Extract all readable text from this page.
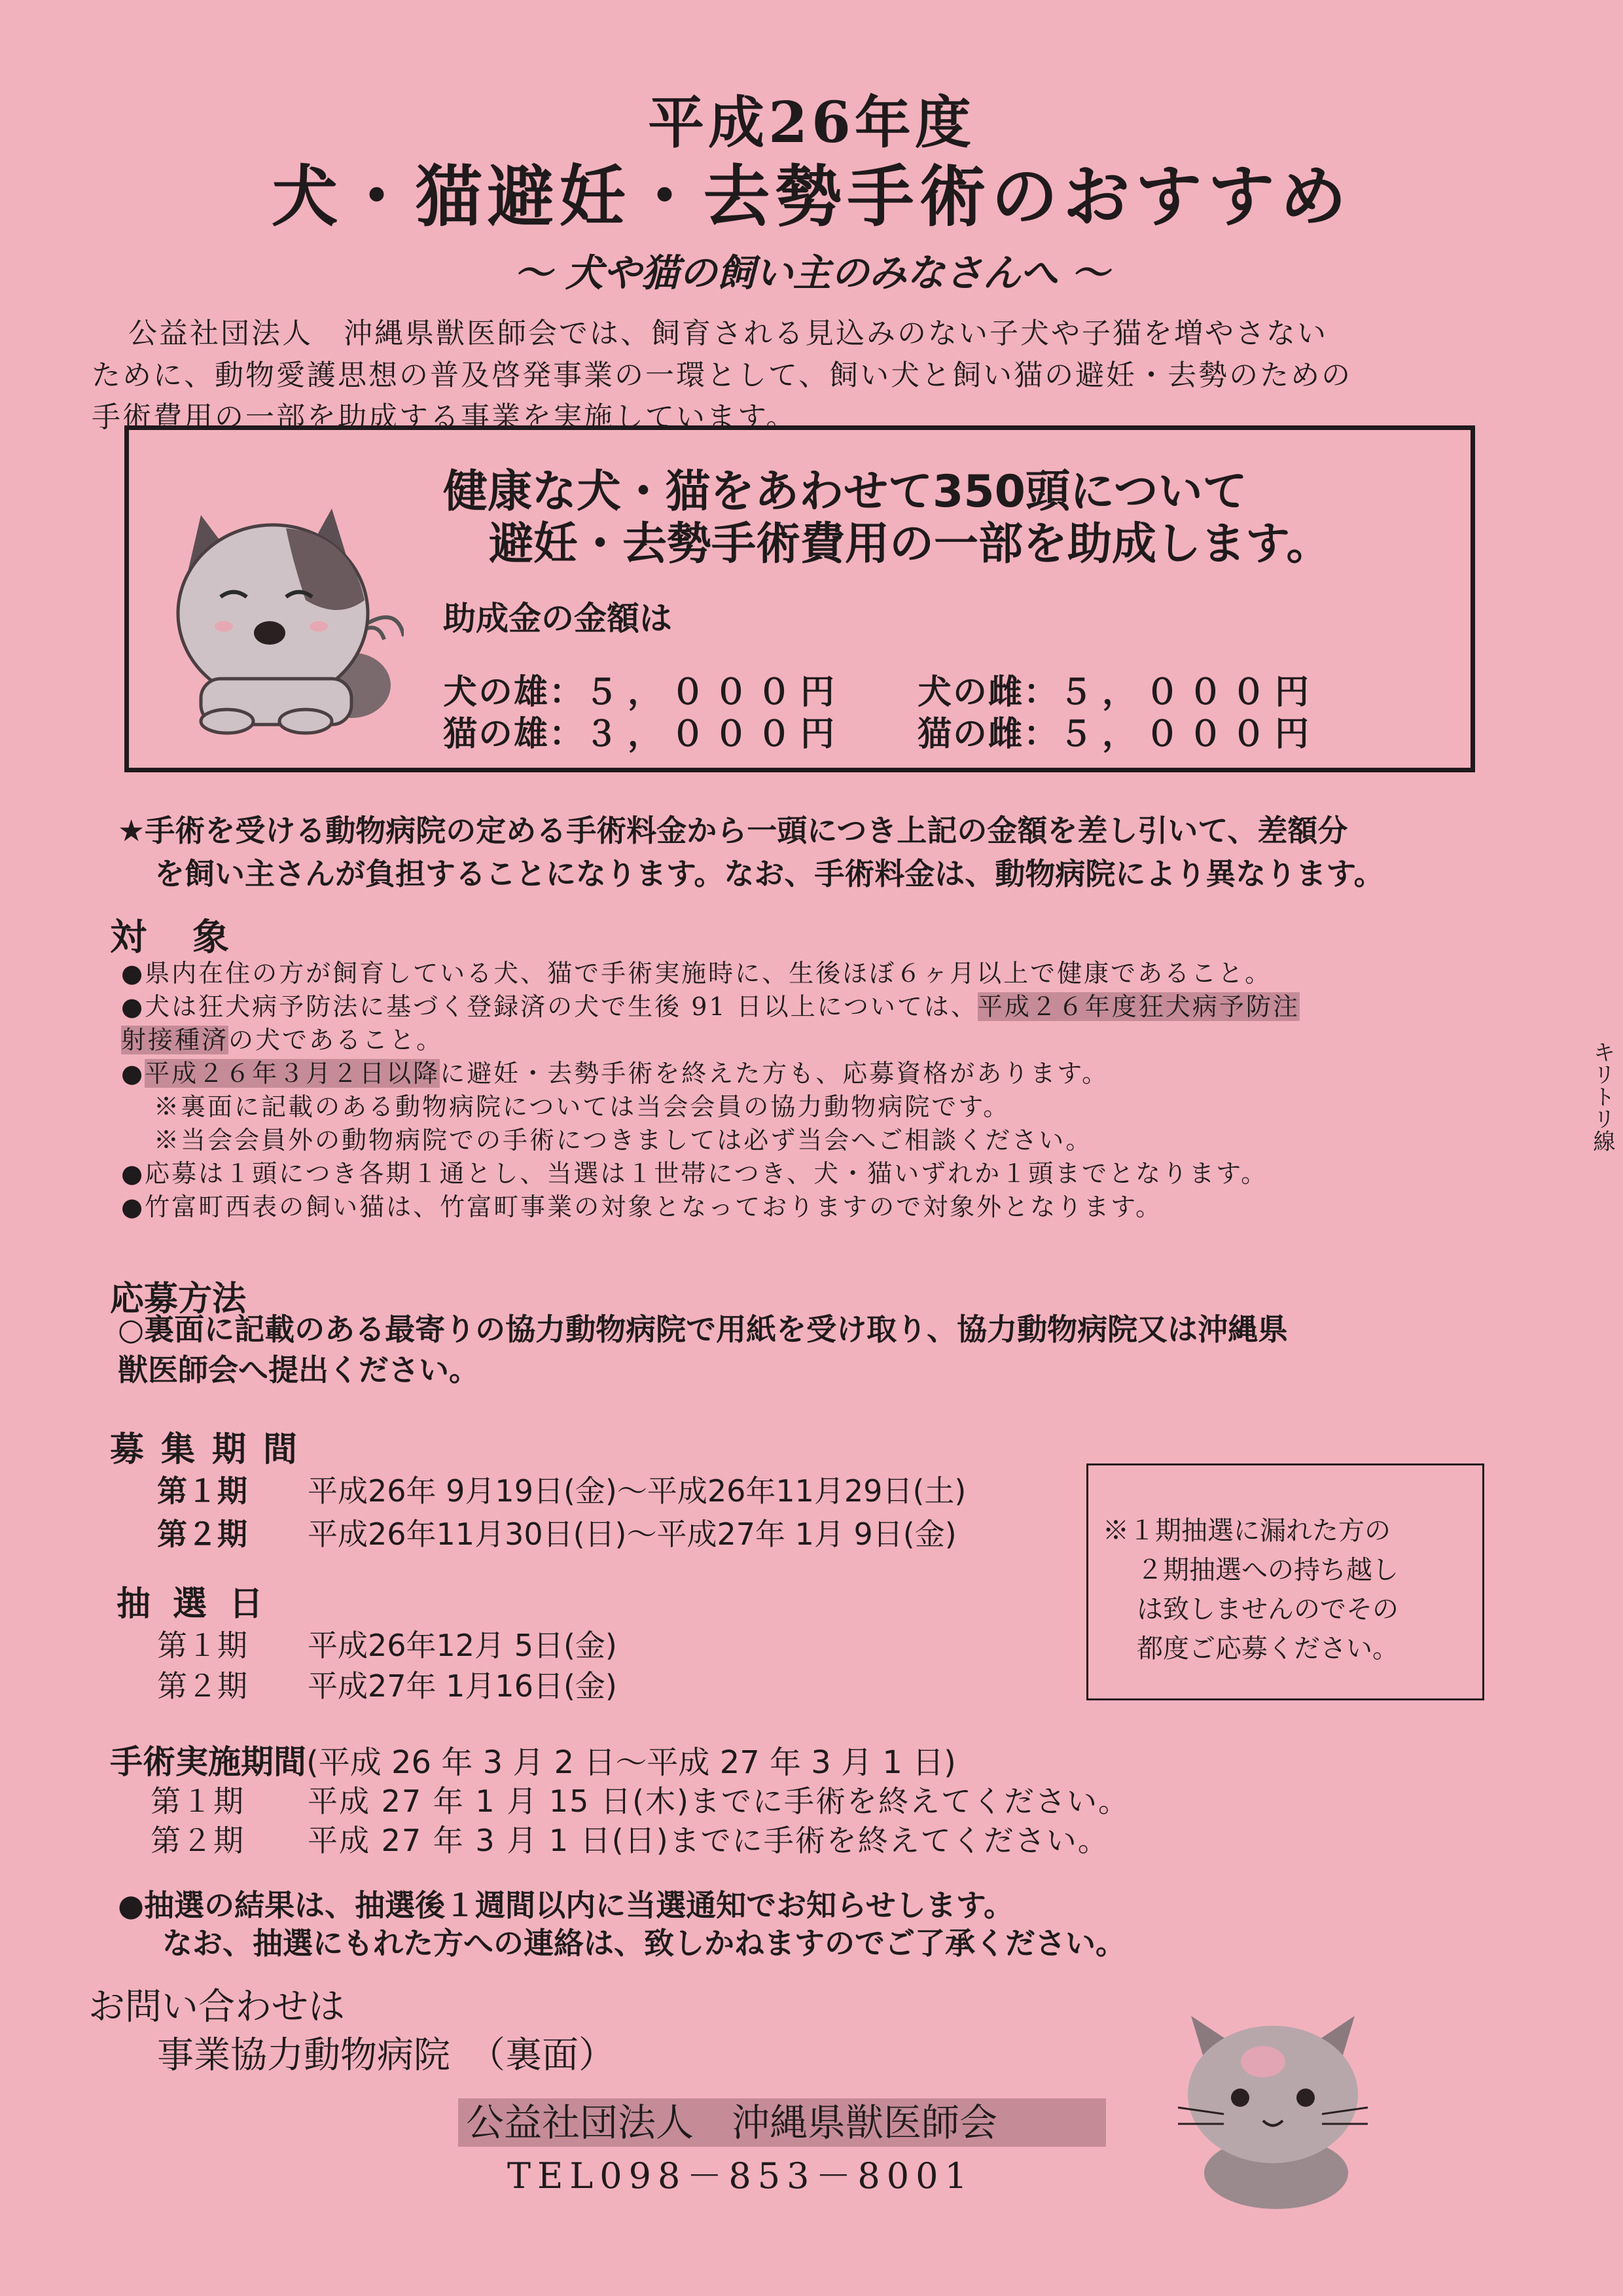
平成26年度
犬・猫避妊・去勢手術のおすすめ
～ 犬や猫の飼い主のみなさんへ ～

公益社団法人　沖縄県獣医師会では、飼育される見込みのない子犬や子猫を増やさない

ために、動物愛護思想の普及啓発事業の一環として、飼い犬と飼い猫の避妊・去勢のための

手術費用の一部を助成する事業を実施しています。

健康な犬・猫をあわせて350頭について
避妊・去勢手術費用の一部を助成します。
助成金の金額は
犬の雄：５，０００円
猫の雄：３，０００円
犬の雌：５，０００円
猫の雌：５，０００円

★手術を受ける動物病院の定める手術料金から一頭につき上記の金額を差し引いて、差額分

を飼い主さんが負担することになります。なお、手術料金は、動物病院により異なります。

対象
●県内在住の方が飼育している犬、猫で手術実施時に、生後ほぼ６ヶ月以上で健康であること。
●犬は狂犬病予防法に基づく登録済の犬で生後 91 日以上については、平成２６年度狂犬病予防注
射接種済の犬であること。
●平成２６年３月２日以降に避妊・去勢手術を終えた方も、応募資格があります。
※裏面に記載のある動物病院については当会会員の協力動物病院です。
※当会会員外の動物病院での手術につきましては必ず当会へご相談ください。
●応募は１頭につき各期１通とし、当選は１世帯につき、犬・猫いずれか１頭までとなります。
●竹富町西表の飼い猫は、竹富町事業の対象となっておりますので対象外となります。
応募方法

○裏面に記載のある最寄りの協力動物病院で用紙を受け取り、協力動物病院又は沖縄県

獣医師会へ提出ください。

募集期間
第１期 平成26年 9月19日(金)～平成26年11月29日(土)
第２期 平成26年11月30日(日)～平成27年 1月 9日(金)	※１期抽選に漏れた方の

２期抽選への持ち越し

は致しませんのでその

都度ご応募ください。

抽選日
第１期 平成26年12月 5日(金)
第２期 平成27年 1月16日(金)
手術実施期間(平成 26 年 3 月 2 日～平成 27 年 3 月 1 日)
第１期 平成 27 年 1 月 15 日(木)までに手術を終えてください。
第２期 平成 27 年 3 月 1 日(日)までに手術を終えてください。

●抽選の結果は、抽選後１週間以内に当選通知でお知らせします。

なお、抽選にもれた方への連絡は、致しかねますのでご了承ください。

お問い合わせは
事業協力動物病院　（裏面）
公益社団法人　沖縄県獣医師会
TEL098－853－8001
キリトリ線
